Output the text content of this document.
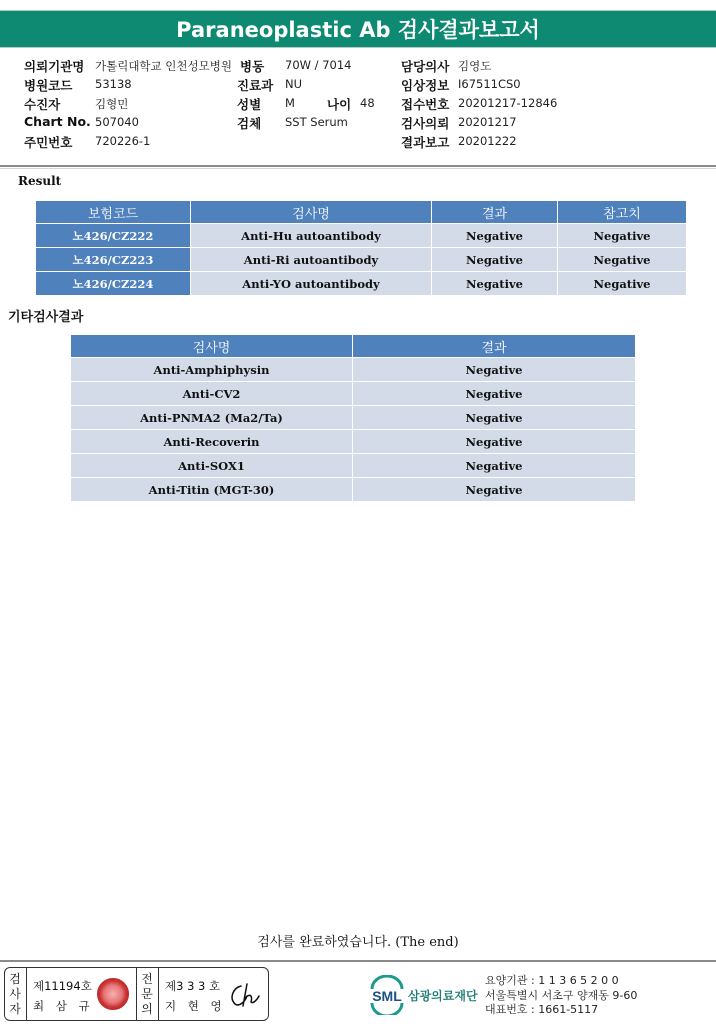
Paraneoplastic Ab 검사결과보고서
의뢰기관명 가톨릭대학교 인천성모병원
병원코드 53138
수진자	김형민
Chart No. 507040
주민번호 720226-1
병동 70W / 7014
진료과 NU
성별 M	나이 48
검체 SST Serum
담당의사 김영도
임상정보 I67511CS0
접수번호 20201217-12846
검사의뢰 20201217
결과보고 20201222
Result
보험코드	검사명	결과	참고치
노426/CZ222	Anti-Hu autoantibody	Negative	Negative
노426/CZ223	Anti-Ri autoantibody	Negative	Negative
노426/CZ224	Anti-YO autoantibody	Negative	Negative
기타검사결과
검사명	결과
Anti-Amphiphysin	Negative
Anti-CV2	Negative
Anti-PNMA2 (Ma2/Ta)	Negative
Anti-Recoverin	Negative
Anti-SOX1	Negative
Anti-Titin (MGT-30)	Negative
검사를 완료하였습니다. (The end)
검사자
제11194호
최 삼 규
전문의
제3 3 3 호
지 현 영
SML 삼광의료재단
요양기관 : 1 1 3 6 5 2 0 0
서울특별시 서초구 양재동 9-60
대표번호 : 1661-5117
